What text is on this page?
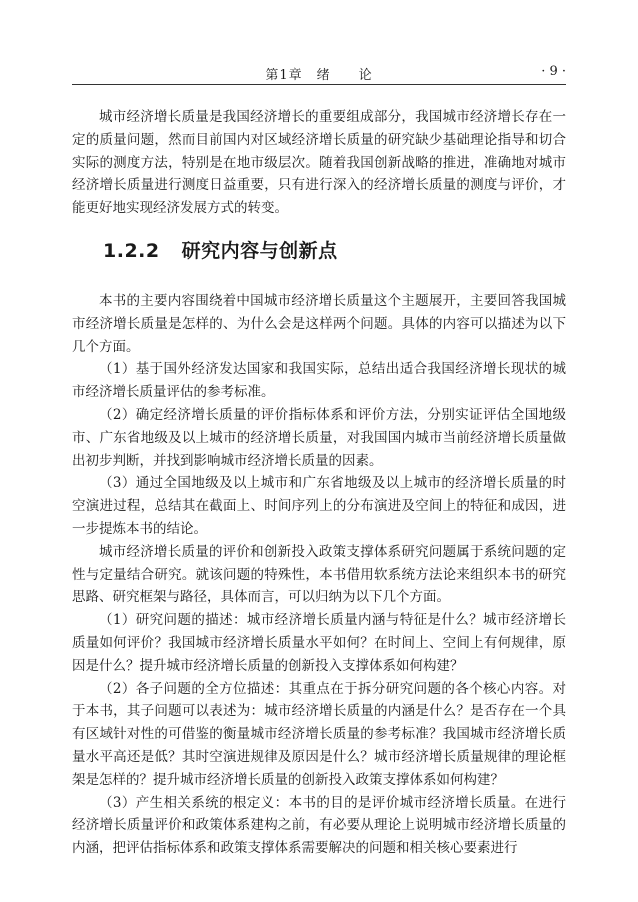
第1章　绪　　论	· 9 ·

城市经济增长质量是我国经济增长的重要组成部分，我国城市经济增长存在一定的质量问题，然而目前国内对区域经济增长质量的研究缺少基础理论指导和切合实际的测度方法，特别是在地市级层次。随着我国创新战略的推进，准确地对城市经济增长质量进行测度日益重要，只有进行深入的经济增长质量的测度与评价，才能更好地实现经济发展方式的转变。

1.2.2 研究内容与创新点

本书的主要内容围绕着中国城市经济增长质量这个主题展开，主要回答我国城市经济增长质量是怎样的、为什么会是这样两个问题。具体的内容可以描述为以下几个方面。

（1）基于国外经济发达国家和我国实际，总结出适合我国经济增长现状的城市经济增长质量评估的参考标准。

（2）确定经济增长质量的评价指标体系和评价方法，分别实证评估全国地级市、广东省地级及以上城市的经济增长质量，对我国国内城市当前经济增长质量做出初步判断，并找到影响城市经济增长质量的因素。

（3）通过全国地级及以上城市和广东省地级及以上城市的经济增长质量的时空演进过程，总结其在截面上、时间序列上的分布演进及空间上的特征和成因，进一步提炼本书的结论。

城市经济增长质量的评价和创新投入政策支撑体系研究问题属于系统问题的定性与定量结合研究。就该问题的特殊性，本书借用软系统方法论来组织本书的研究思路、研究框架与路径，具体而言，可以归纳为以下几个方面。

（1）研究问题的描述：城市经济增长质量内涵与特征是什么？城市经济增长质量如何评价？我国城市经济增长质量水平如何？在时间上、空间上有何规律，原因是什么？提升城市经济增长质量的创新投入支撑体系如何构建？

（2）各子问题的全方位描述：其重点在于拆分研究问题的各个核心内容。对于本书，其子问题可以表述为：城市经济增长质量的内涵是什么？是否存在一个具有区域针对性的可借鉴的衡量城市经济增长质量的参考标准？我国城市经济增长质量水平高还是低？其时空演进规律及原因是什么？城市经济增长质量规律的理论框架是怎样的？提升城市经济增长质量的创新投入政策支撑体系如何构建？

（3）产生相关系统的根定义：本书的目的是评价城市经济增长质量。在进行经济增长质量评价和政策体系建构之前，有必要从理论上说明城市经济增长质量的内涵，把评估指标体系和政策支撑体系需要解决的问题和相关核心要素进行
